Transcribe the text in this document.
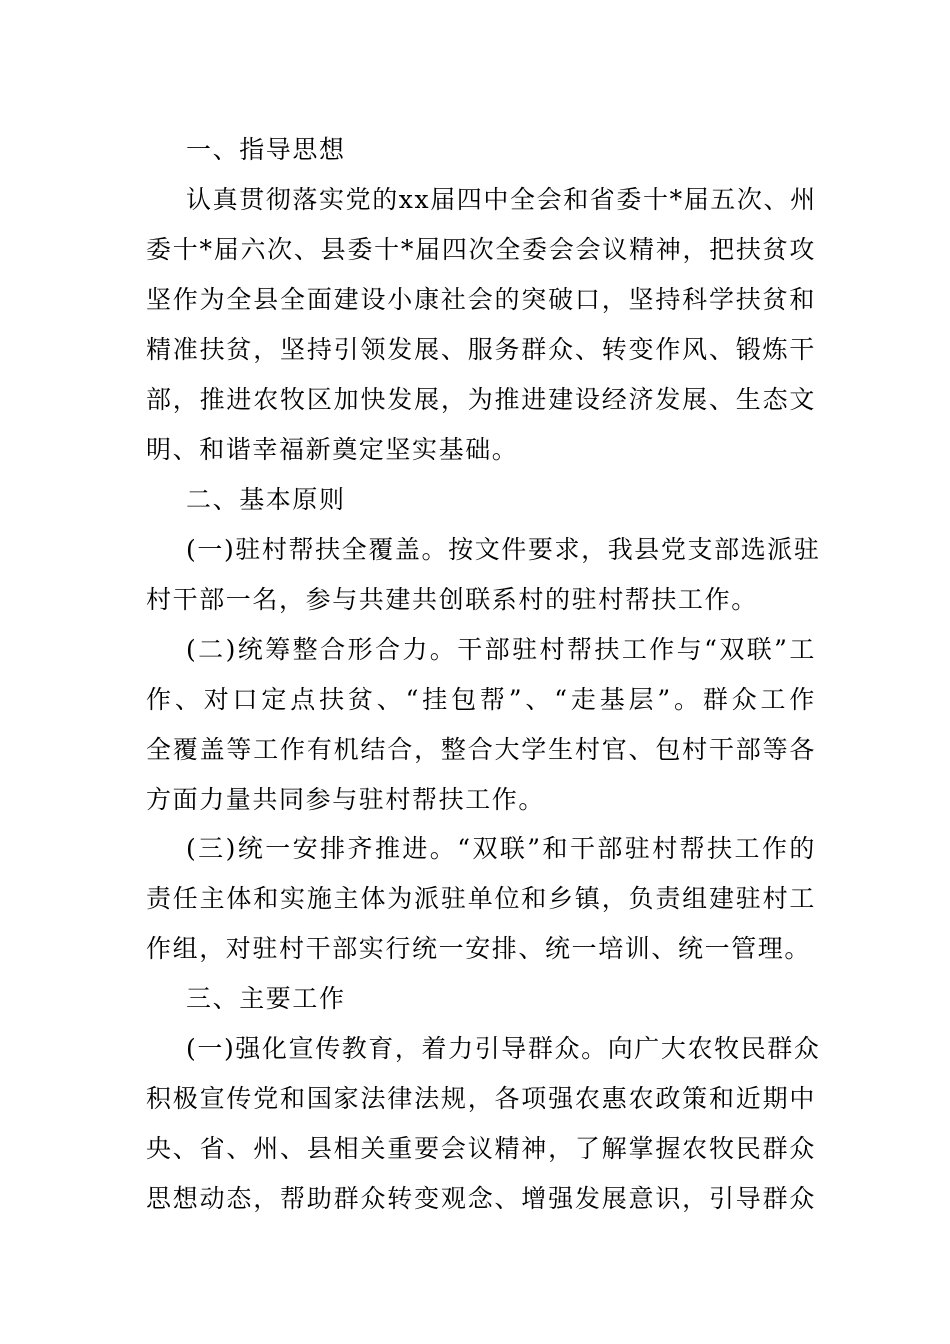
一、指导思想
认真贯彻落实党的xx届四中全会和省委十*届五次、州
委十*届六次、县委十*届四次全委会会议精神，把扶贫攻
坚作为全县全面建设小康社会的突破口，坚持科学扶贫和
精准扶贫，坚持引领发展、服务群众、转变作风、锻炼干
部，推进农牧区加快发展，为推进建设经济发展、生态文
明、和谐幸福新奠定坚实基础。
二、基本原则
(一)驻村帮扶全覆盖。按文件要求，我县党支部选派驻
村干部一名，参与共建共创联系村的驻村帮扶工作。
(二)统筹整合形合力。干部驻村帮扶工作与“双联”工
作、对口定点扶贫、“挂包帮”、“走基层”。群众工作
全覆盖等工作有机结合，整合大学生村官、包村干部等各
方面力量共同参与驻村帮扶工作。
(三)统一安排齐推进。“双联”和干部驻村帮扶工作的
责任主体和实施主体为派驻单位和乡镇，负责组建驻村工
作组，对驻村干部实行统一安排、统一培训、统一管理。
三、主要工作
(一)强化宣传教育，着力引导群众。向广大农牧民群众
积极宣传党和国家法律法规，各项强农惠农政策和近期中
央、省、州、县相关重要会议精神，了解掌握农牧民群众
思想动态，帮助群众转变观念、增强发展意识，引导群众
